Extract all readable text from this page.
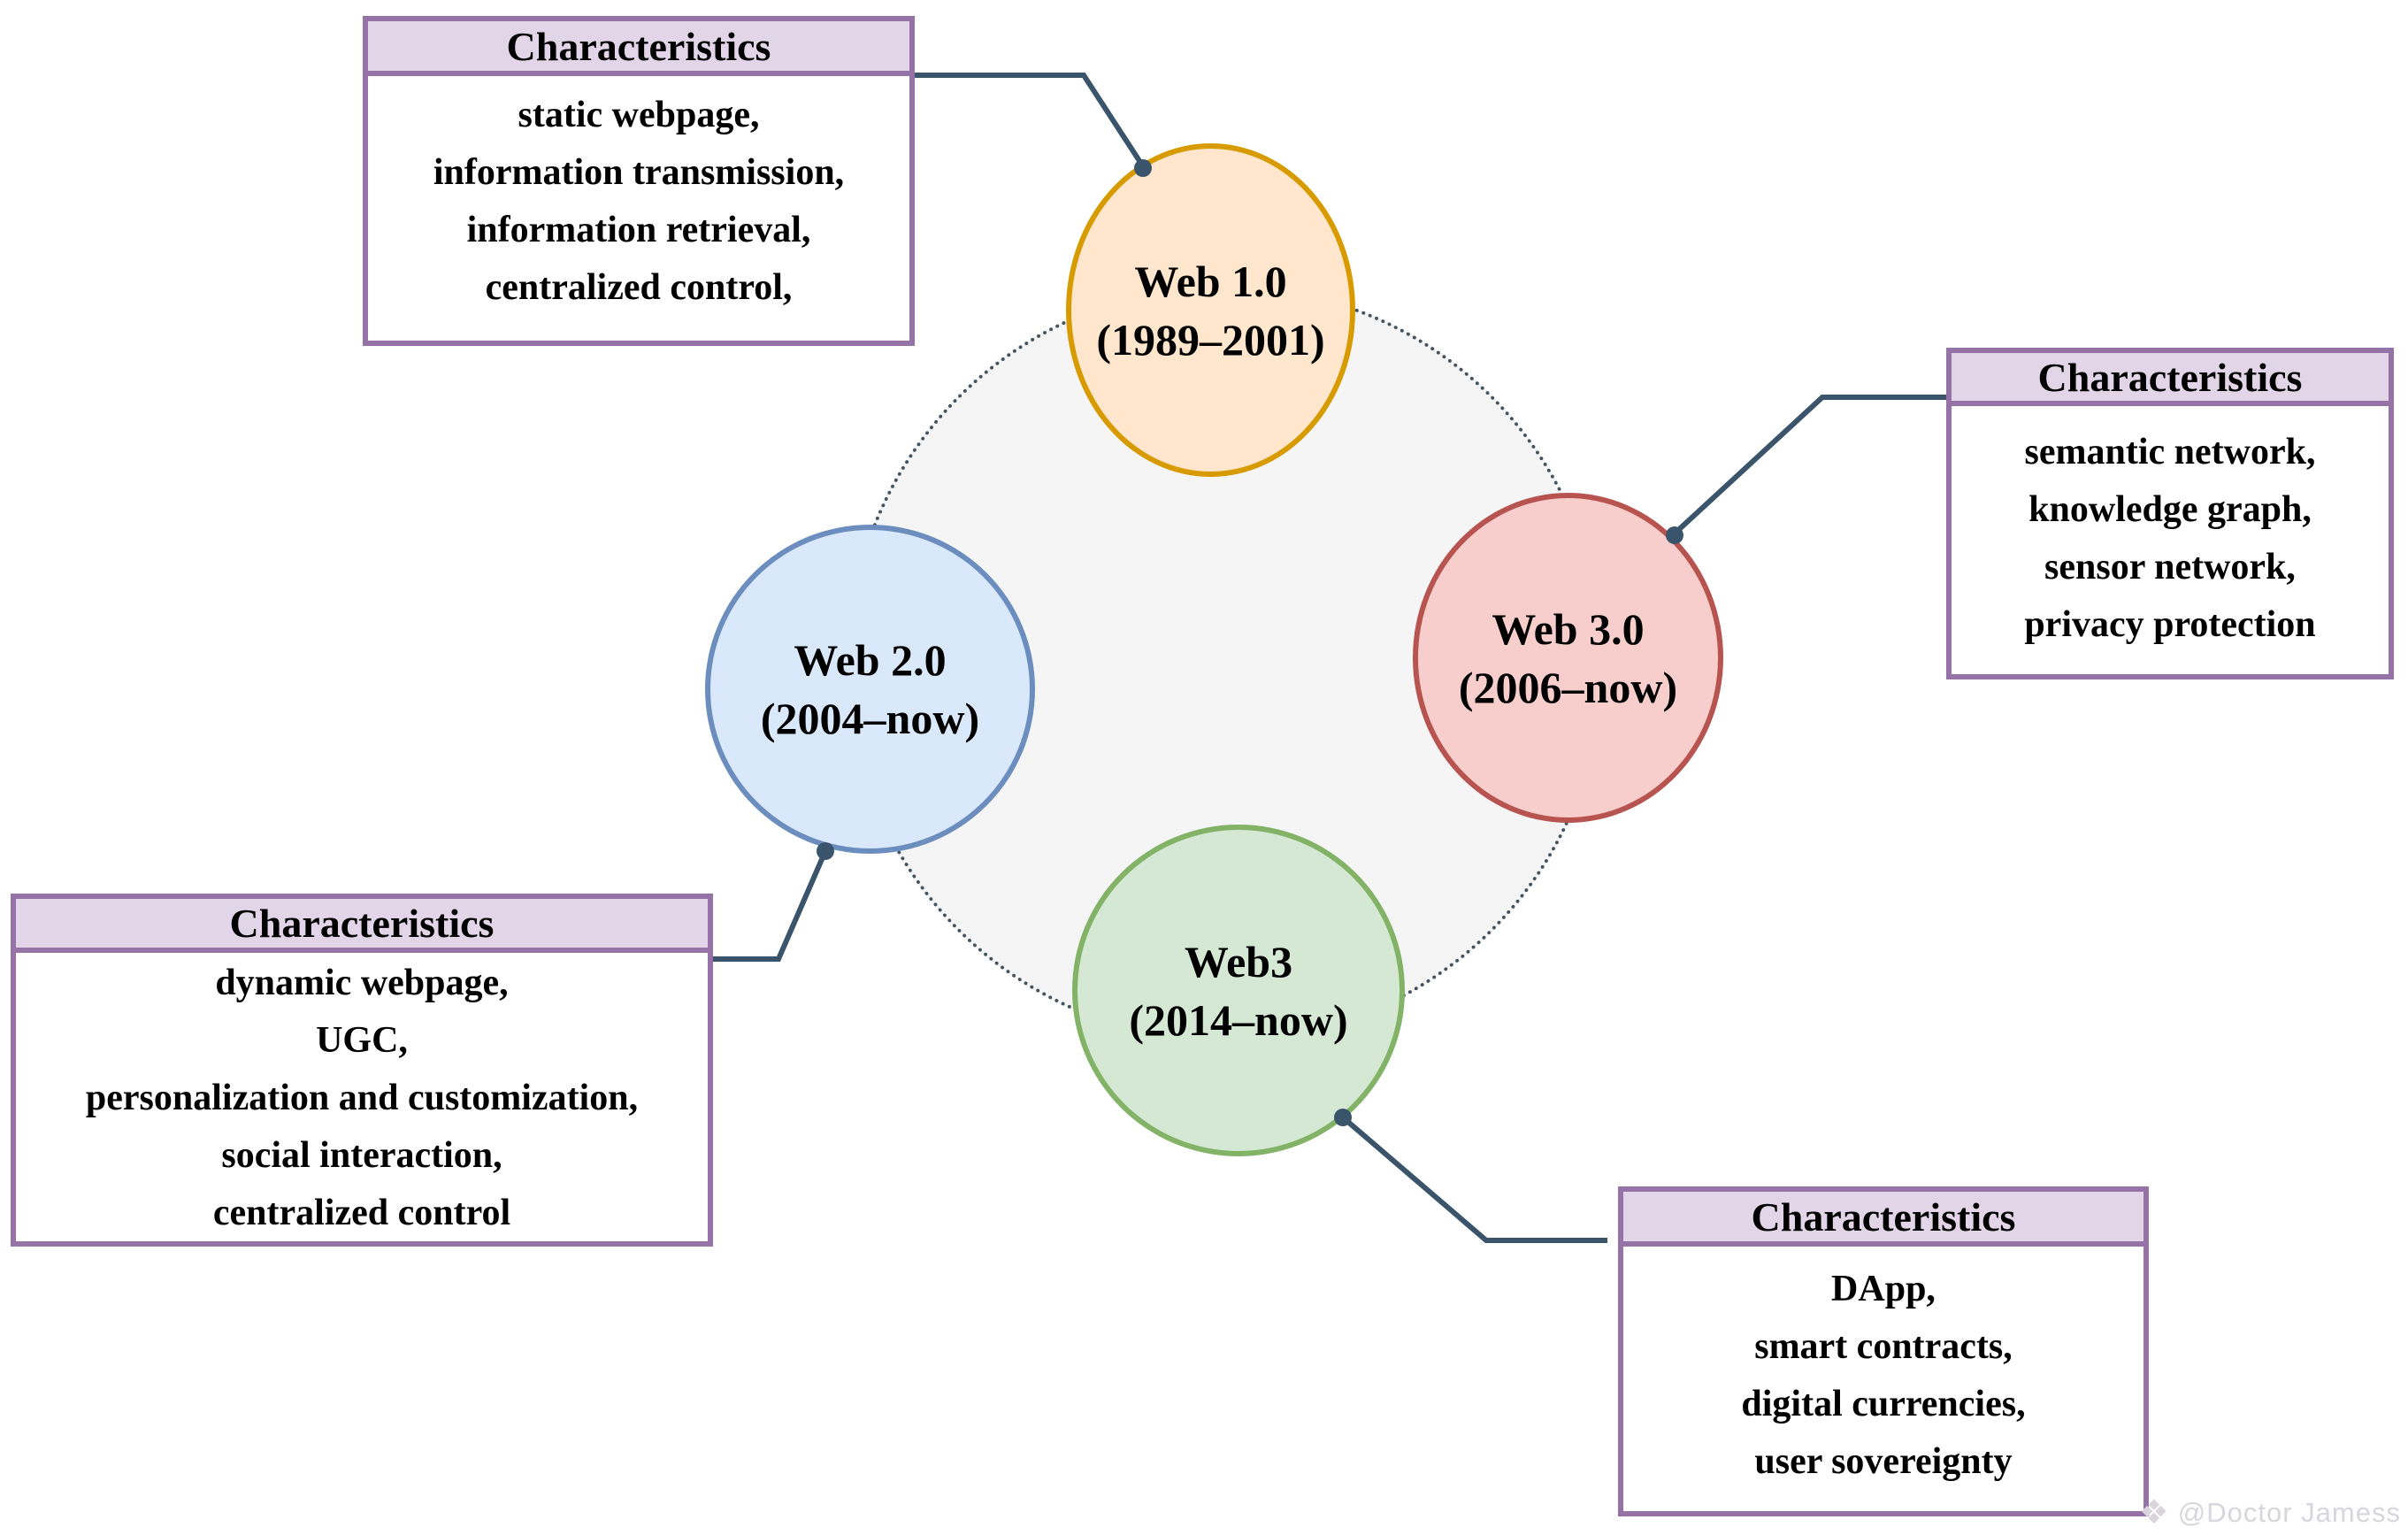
Web 1.0
(1989–2001)
Web 2.0
(2004–now)
Web 3.0
(2006–now)
Web3
(2014–now)
Characteristics
static webpage,
information transmission,
information retrieval,
centralized control,
Characteristics
semantic network,
knowledge graph,
sensor network,
privacy protection
Characteristics
dynamic webpage,
UGC,
personalization and customization,
social interaction,
centralized control	Characteristics
DApp,
smart contracts,
digital currencies,
user sovereignty
❖ @Doctor Jamess
